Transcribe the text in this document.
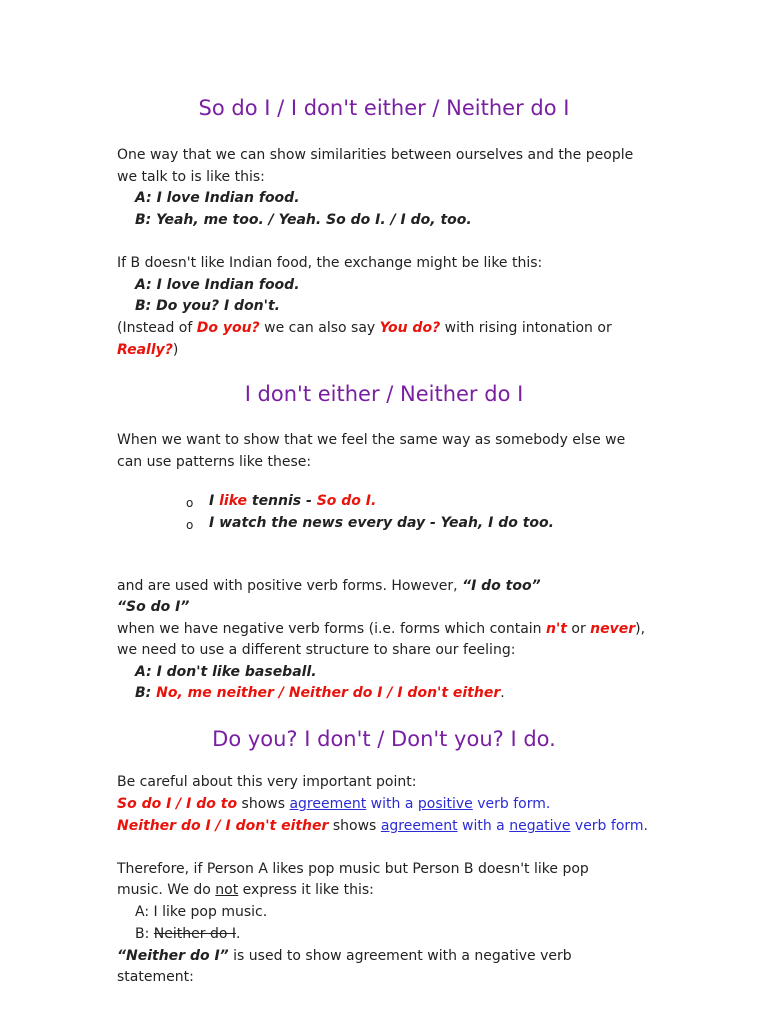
So do I / I don't either / Neither do I
One way that we can show similarities between ourselves and the people
we talk to is like this:
A: I love Indian food.
B: Yeah, me too. / Yeah. So do I. / I do, too.
If B doesn't like Indian food, the exchange might be like this:
A: I love Indian food.
B: Do you? I don't.
(Instead of Do you? we can also say You do? with rising intonation or
Really?)
I don't either / Neither do I
When we want to show that we feel the same way as somebody else we
can use patterns like these:
o I like tennis - So do I.
o I watch the news every day - Yeah, I do too.
and are used with positive verb forms. However, “I do too”
“So do I”
when we have negative verb forms (i.e. forms which contain n't or never),
we need to use a different structure to share our feeling:
A: I don't like baseball.
B: No, me neither / Neither do I / I don't either.
Do you? I don't / Don't you? I do.
Be careful about this very important point:
So do I / I do to shows agreement with a positive verb form.
Neither do I / I don't either shows agreement with a negative verb form.
Therefore, if Person A likes pop music but Person B doesn't like pop
music. We do not express it like this:
A: I like pop music.
B: Neither do I.
“Neither do I” is used to show agreement with a negative verb
statement:
